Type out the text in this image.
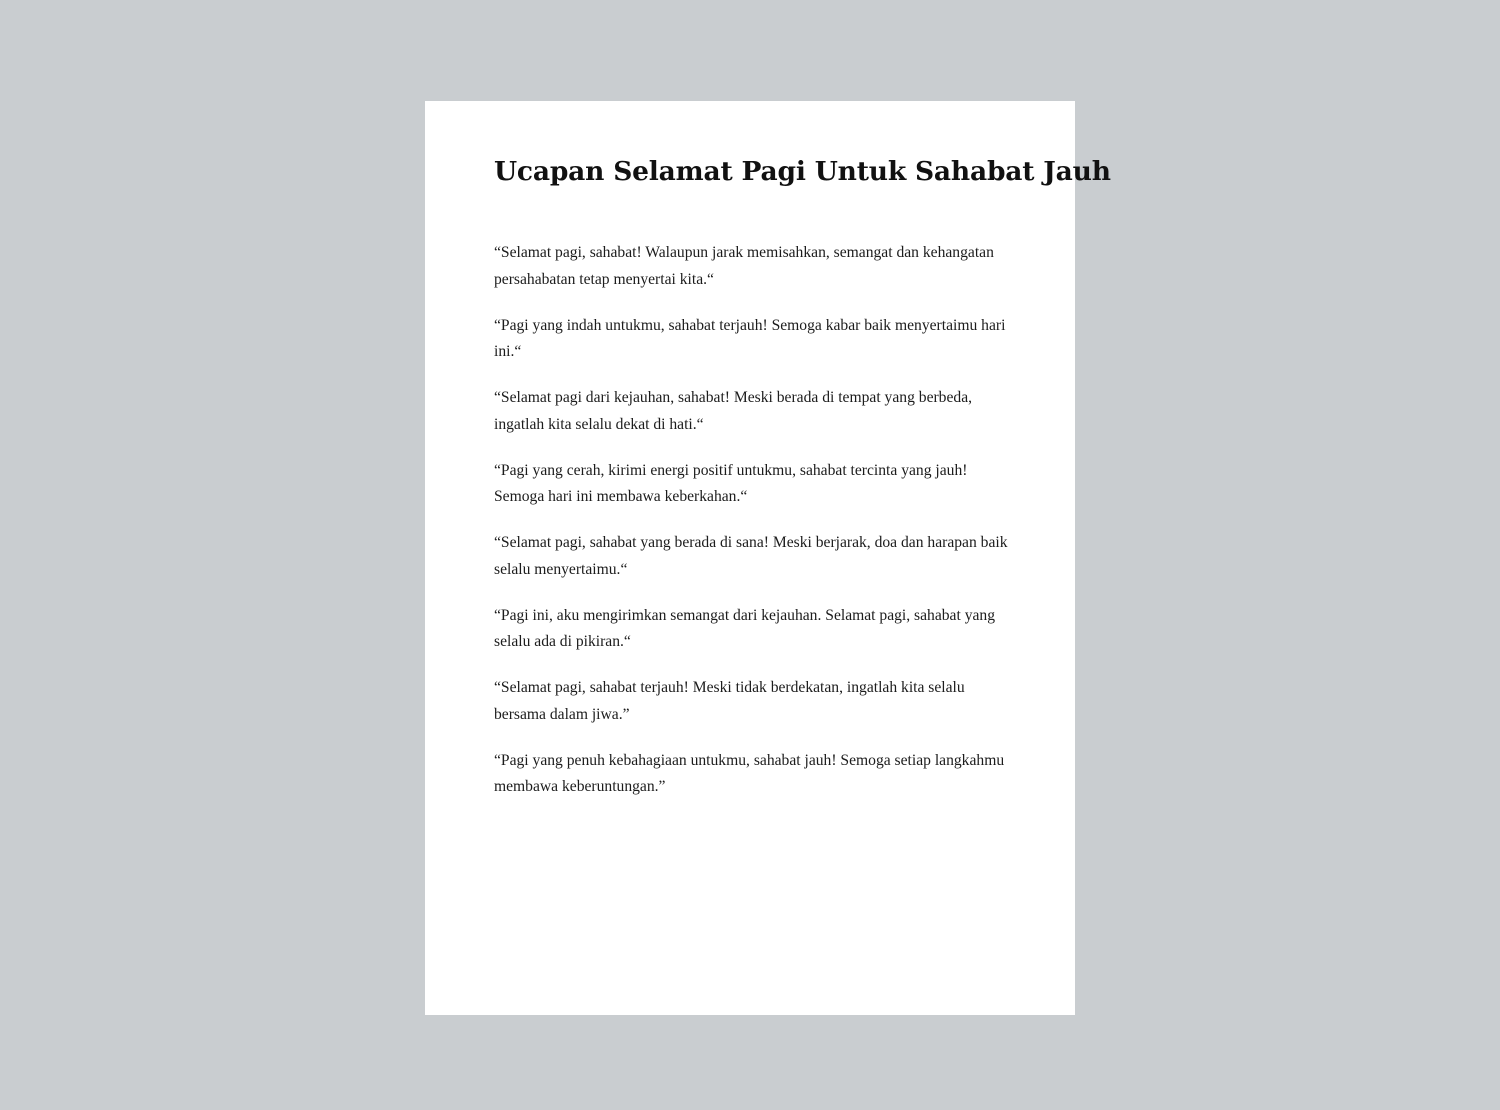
Ucapan Selamat Pagi Untuk Sahabat Jauh

“Selamat pagi, sahabat! Walaupun jarak memisahkan, semangat dan kehangatan persahabatan tetap menyertai kita.“

“Pagi yang indah untukmu, sahabat terjauh! Semoga kabar baik menyertaimu hari ini.“

“Selamat pagi dari kejauhan, sahabat! Meski berada di tempat yang berbeda, ingatlah kita selalu dekat di hati.“

“Pagi yang cerah, kirimi energi positif untukmu, sahabat tercinta yang jauh! Semoga hari ini membawa keberkahan.“

“Selamat pagi, sahabat yang berada di sana! Meski berjarak, doa dan harapan baik selalu menyertaimu.“

“Pagi ini, aku mengirimkan semangat dari kejauhan. Selamat pagi, sahabat yang selalu ada di pikiran.“

“Selamat pagi, sahabat terjauh! Meski tidak berdekatan, ingatlah kita selalu bersama dalam jiwa.”

“Pagi yang penuh kebahagiaan untukmu, sahabat jauh! Semoga setiap langkahmu membawa keberuntungan.”
